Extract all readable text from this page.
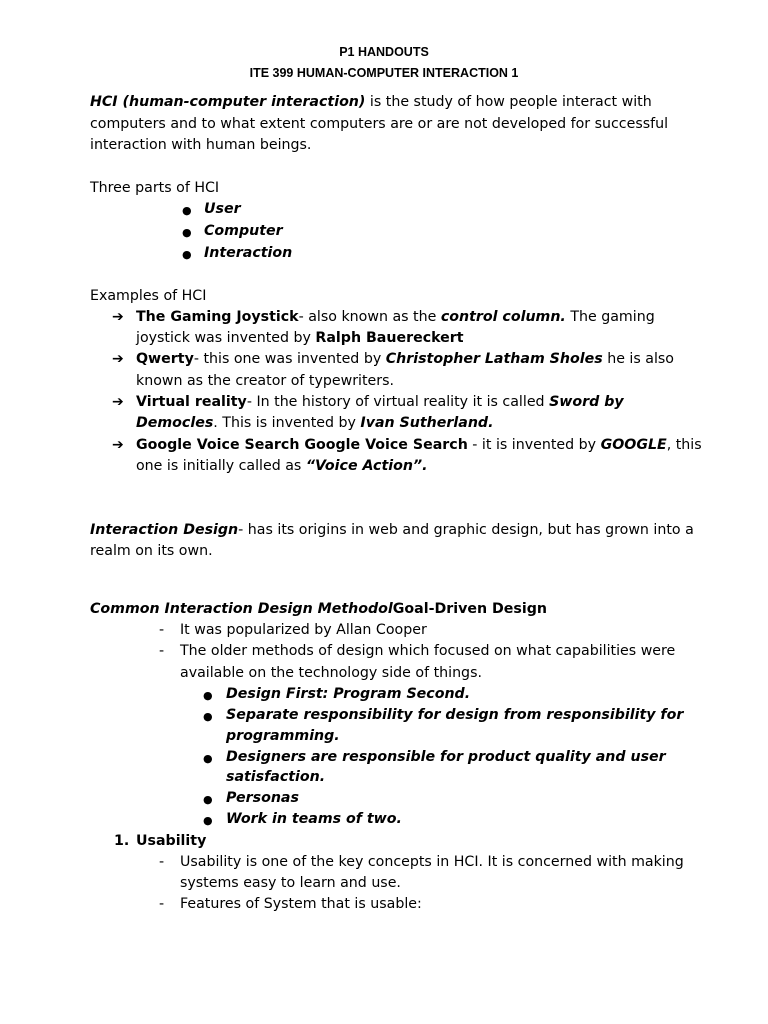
P1 HANDOUTS
ITE 399 HUMAN-COMPUTER INTERACTION 1
HCI (human-computer interaction) is the study of how people interact with
computers and to what extent computers are or are not developed for successful
interaction with human beings.
Three parts of HCI
● User
● Computer
● Interaction
Examples of HCI
➔ The Gaming Joystick- also known as the control column. The gaming
joystick was invented by Ralph Bauereckert
➔ Qwerty- this one was invented by Christopher Latham Sholes he is also
known as the creator of typewriters.
➔ Virtual reality- In the history of virtual reality it is called Sword by
Democles. This is invented by Ivan Sutherland.
➔ Google Voice Search Google Voice Search - it is invented by GOOGLE, this
one is initially called as “Voice Action”.
Interaction Design- has its origins in web and graphic design, but has grown into a
realm on its own.
Common Interaction Design MethodolGoal-Driven Design
- It was popularized by Allan Cooper
- The older methods of design which focused on what capabilities were
available on the technology side of things.
● Design First: Program Second.
● Separate responsibility for design from responsibility for
programming.
● Designers are responsible for product quality and user
satisfaction.
● Personas
● Work in teams of two.
1. Usability
- Usability is one of the key concepts in HCI. It is concerned with making
systems easy to learn and use.
- Features of System that is usable:
